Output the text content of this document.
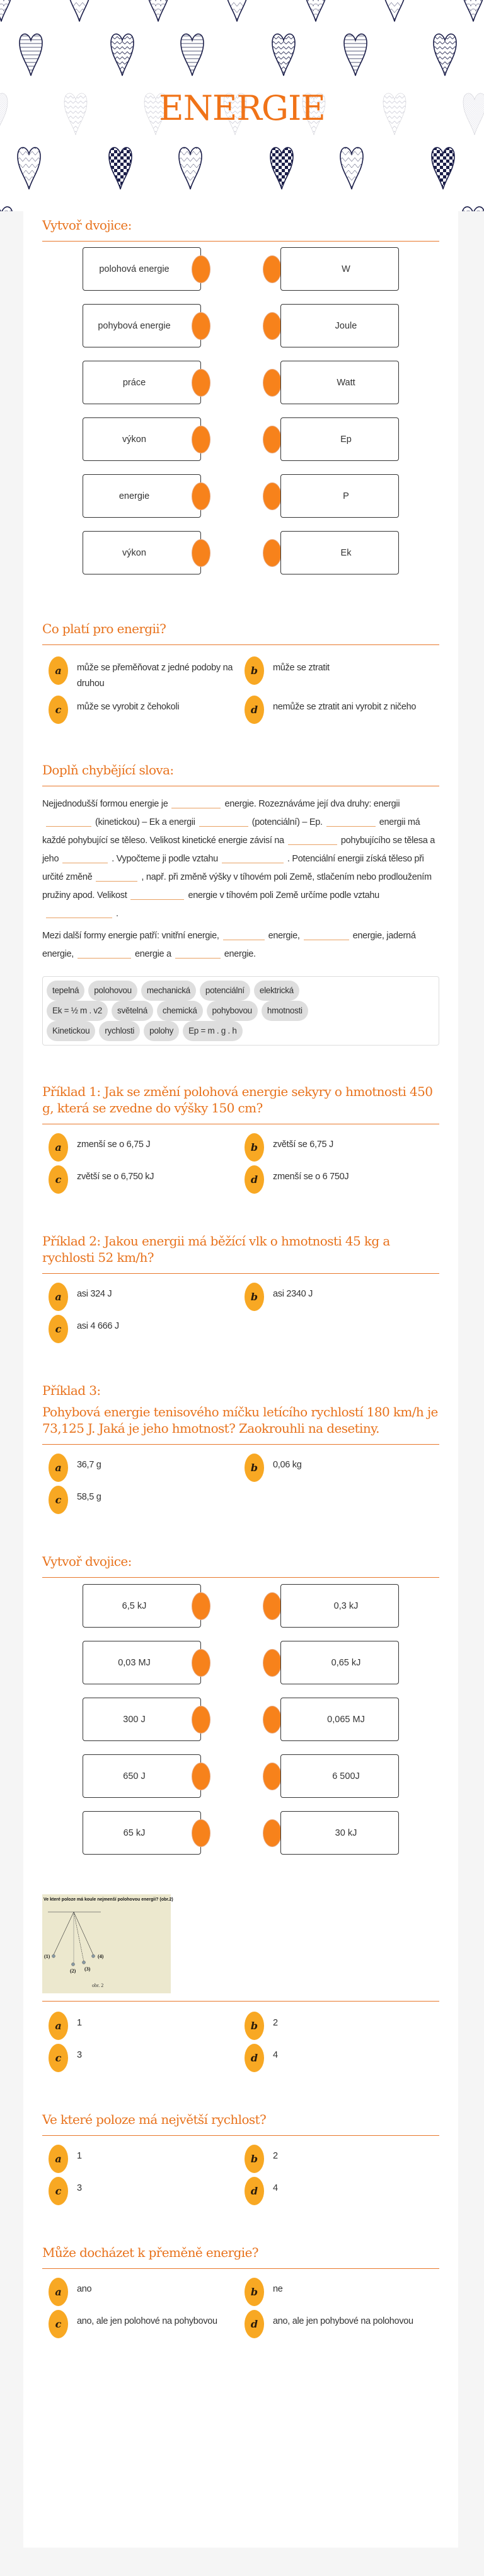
ENERGIE
Vytvoř dvojice:
polohová energie	W
pohybová energie	Joule
práce	Watt
výkon	Ep
energie	P
výkon	Ek
Co platí pro energii?
a	může se přeměňovat z jedné podoby na druhou
b	může se ztratit
c	může se vyrobit z čehokoli	d	nemůže se ztratit ani vyrobit z ničeho
Doplň chybějící slova:

Nejjednodušší formou energie je	energie. Rozeznáváme její dva druhy: energii(kinetickou) – Ek a energii	(potenciální) – Ep.	energii má každé pohybující se těleso. Velikost kinetické energie závisí na	pohybujícího se tělesa a jeho	. Vypočteme ji podle vztahu	. Potenciální energii získá těleso při určité změně	, např. při změně výšky v tíhovém poli Země, stlačením nebo prodloužením pružiny apod. Velikost	energie v tíhovém poli Země určíme podle vztahu.

Mezi další formy energie patří: vnitřní energie,	energie,	energie, jaderná energie,	energie a	energie.

tepelná	polohovou	mechanická	potenciální	elektrická
Ek = ½ m . v2	světelná	chemická	pohybovou	hmotnosti
Kinetickou	rychlosti	polohy	Ep = m . g . h
Příklad 1: Jak se změní polohová energie sekyry o hmotnosti 450 g, která se zvedne do výšky 150 cm?
a	zmenší se o 6,75 J	b	zvětší se 6,75 J
c	zvětší se o 6,750 kJ	d	zmenší se o 6 750J
Příklad 2: Jakou energii má běžící vlk o hmotnosti 45 kg a rychlosti 52 km/h?
a	asi 324 J	b	asi 2340 J
c	asi 4 666 J
Příklad 3:
Pohybová energie tenisového míčku letícího rychlostí 180 km/h je 73,125 J. Jaká je jeho hmotnost? Zaokrouhli na desetiny.
a	36,7 g	b	0,06 kg
c	58,5 g
Vytvoř dvojice:
6,5 kJ	0,3 kJ
0,03 MJ	0,65 kJ
300 J	0,065 MJ
650 J	6 500J
65 kJ	30 kJ
Ve které poloze má koule nejmenší polohovou energii? (obr.2)
(1)
(2) (3)
(4)
obr. 2
a	1	b	2
c	3	d	4
Ve které poloze má největší rychlost?
a	1	b	2
c	3	d	4
Může docházet k přeměně energie?
a	ano	b	ne
c	ano, ale jen polohové na pohybovou	d	ano, ale jen pohybové na polohovou
